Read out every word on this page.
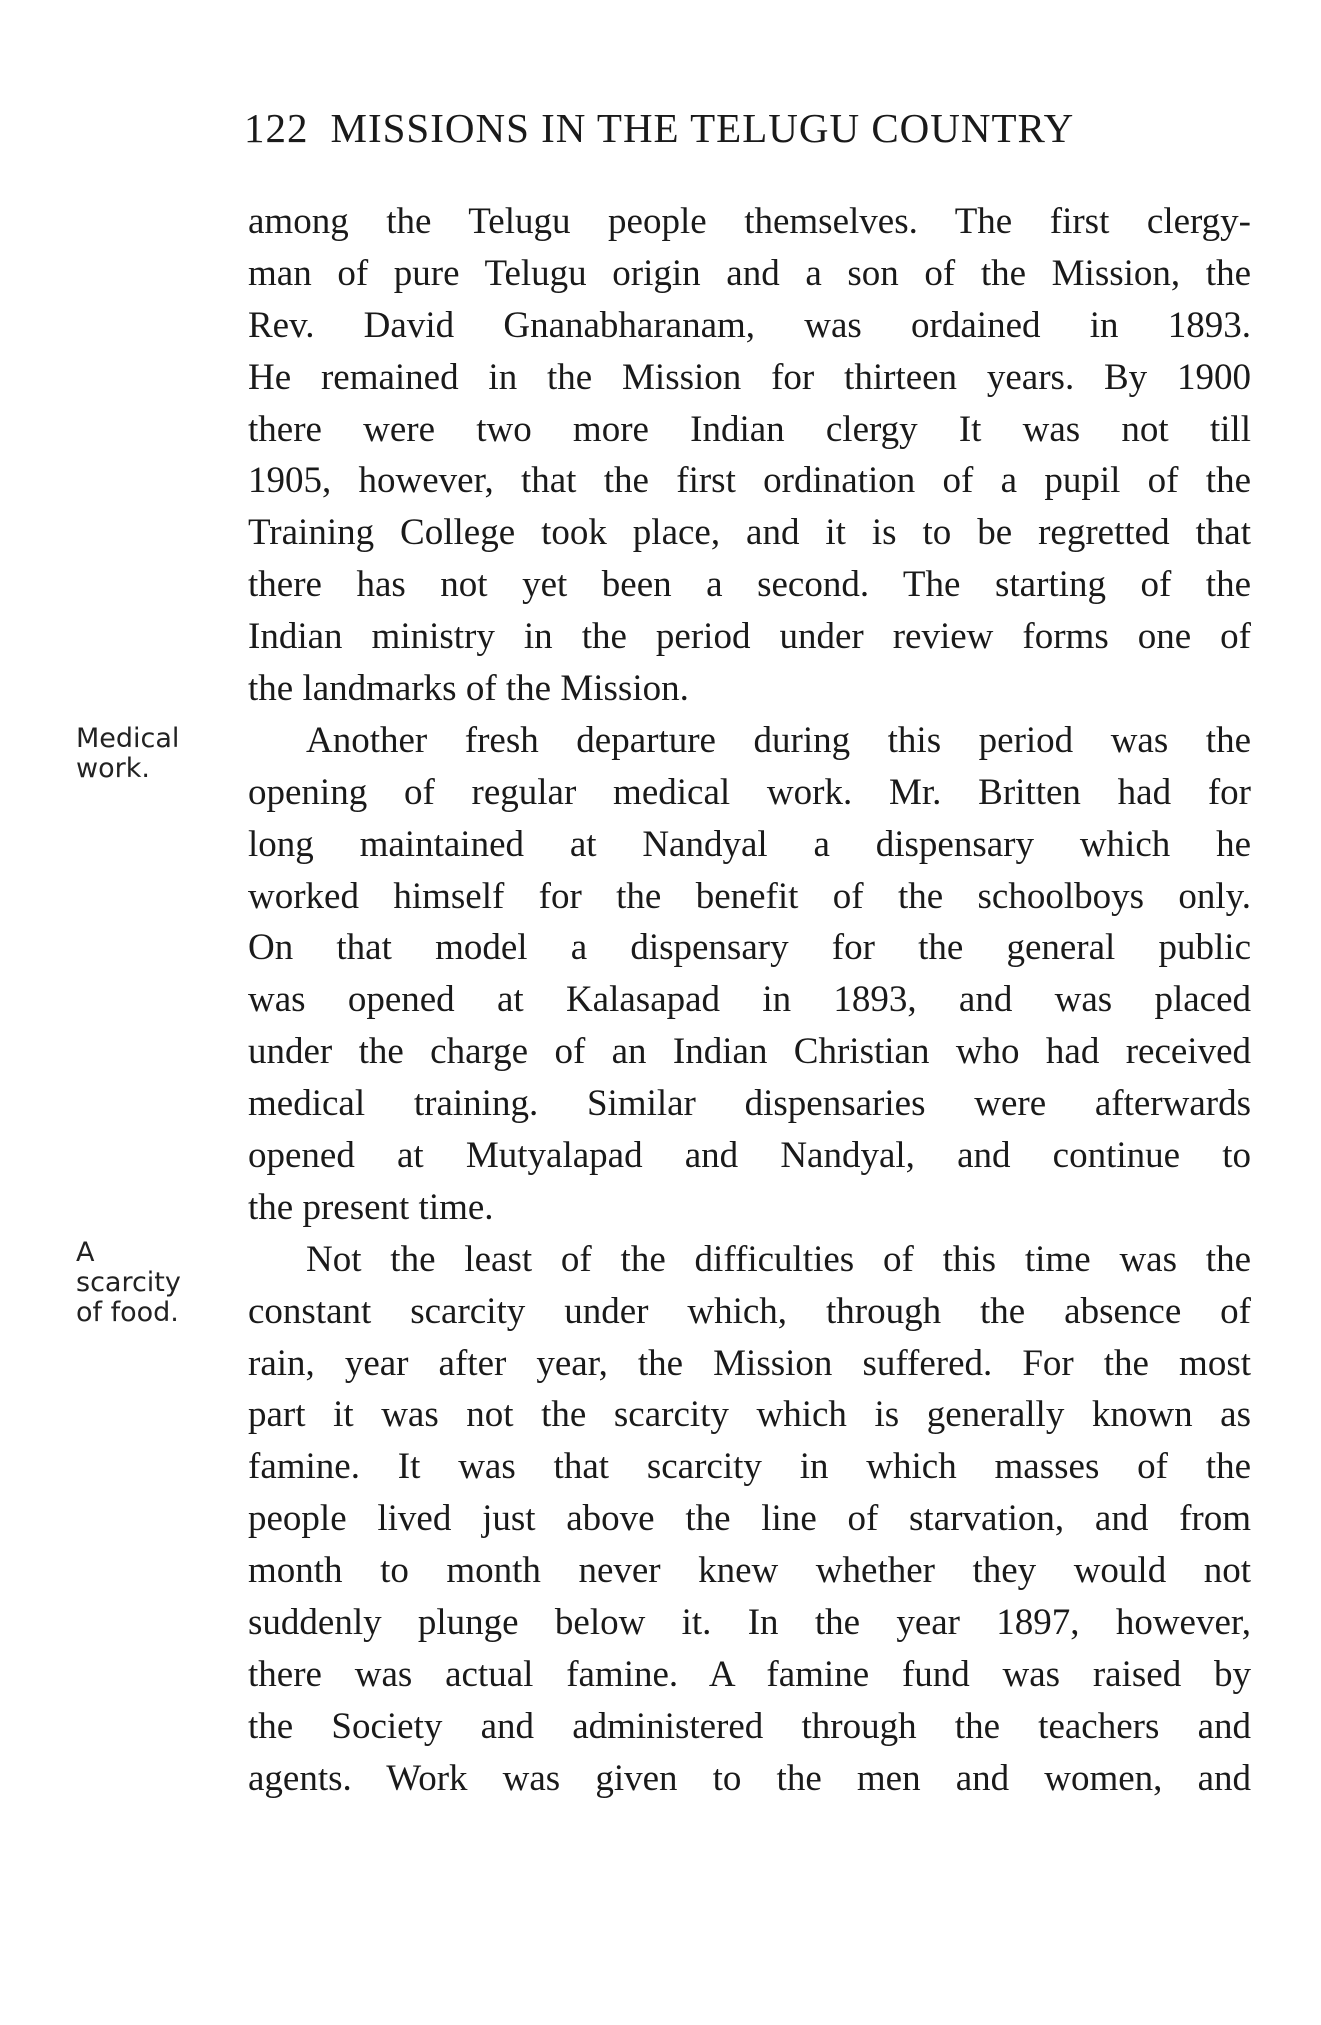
122 MISSIONS IN THE TELUGU COUNTRY
Medical
work.
A
scarcity
of food.
among the Telugu people themselves. The first clergy-
man of pure Telugu origin and a son of the Mission, the
Rev. David Gnanabharanam, was ordained in 1893.
He remained in the Mission for thirteen years. By 1900
there were two more Indian clergy It was not till
1905, however, that the first ordination of a pupil of the
Training College took place, and it is to be regretted that
there has not yet been a second. The starting of the
Indian ministry in the period under review forms one of
the landmarks of the Mission.
Another fresh departure during this period was the
opening of regular medical work. Mr. Britten had for
long maintained at Nandyal a dispensary which he
worked himself for the benefit of the schoolboys only.
On that model a dispensary for the general public
was opened at Kalasapad in 1893, and was placed
under the charge of an Indian Christian who had received
medical training. Similar dispensaries were afterwards
opened at Mutyalapad and Nandyal, and continue to
the present time.
Not the least of the difficulties of this time was the
constant scarcity under which, through the absence of
rain, year after year, the Mission suffered. For the most
part it was not the scarcity which is generally known as
famine. It was that scarcity in which masses of the
people lived just above the line of starvation, and from
month to month never knew whether they would not
suddenly plunge below it. In the year 1897, however,
there was actual famine. A famine fund was raised by
the Society and administered through the teachers and
agents. Work was given to the men and women, and
